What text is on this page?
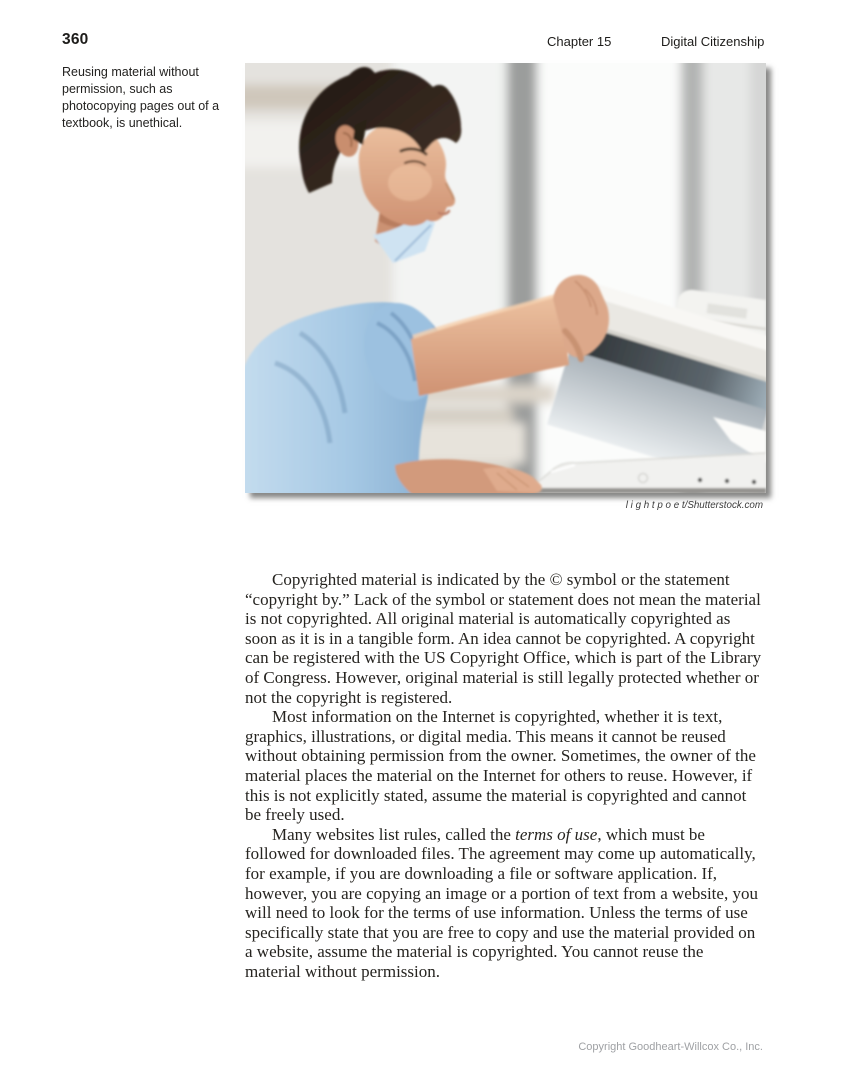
360	Chapter 15	Digital Citizenship
Reusing material without permission, such as photocopying pages out of a textbook, is unethical.
l i g h t p o e t/Shutterstock.com

Copyrighted material is indicated by the © symbol or the statement “copyright by.” Lack of the symbol or statement does not mean the material is not copyrighted. All original material is automatically copyrighted as soon as it is in a tangible form. An idea cannot be copyrighted. A copyright can be registered with the US Copyright Office, which is part of the Library of Congress. However, original material is still legally protected whether or not the copyright is registered.

Most information on the Internet is copyrighted, whether it is text, graphics, illustrations, or digital media. This means it cannot be reused without obtaining permission from the owner. Sometimes, the owner of the material places the material on the Internet for others to reuse. However, if this is not explicitly stated, assume the material is copyrighted and cannot be freely used.

Many websites list rules, called the terms of use, which must be followed for downloaded files. The agreement may come up automatically, for example, if you are downloading a file or software application. If, however, you are copying an image or a portion of text from a website, you will need to look for the terms of use information. Unless the terms of use specifically state that you are free to copy and use the material provided on a website, assume the material is copyrighted. You cannot reuse the material without permission.

Copyright Goodheart-Willcox Co., Inc.
